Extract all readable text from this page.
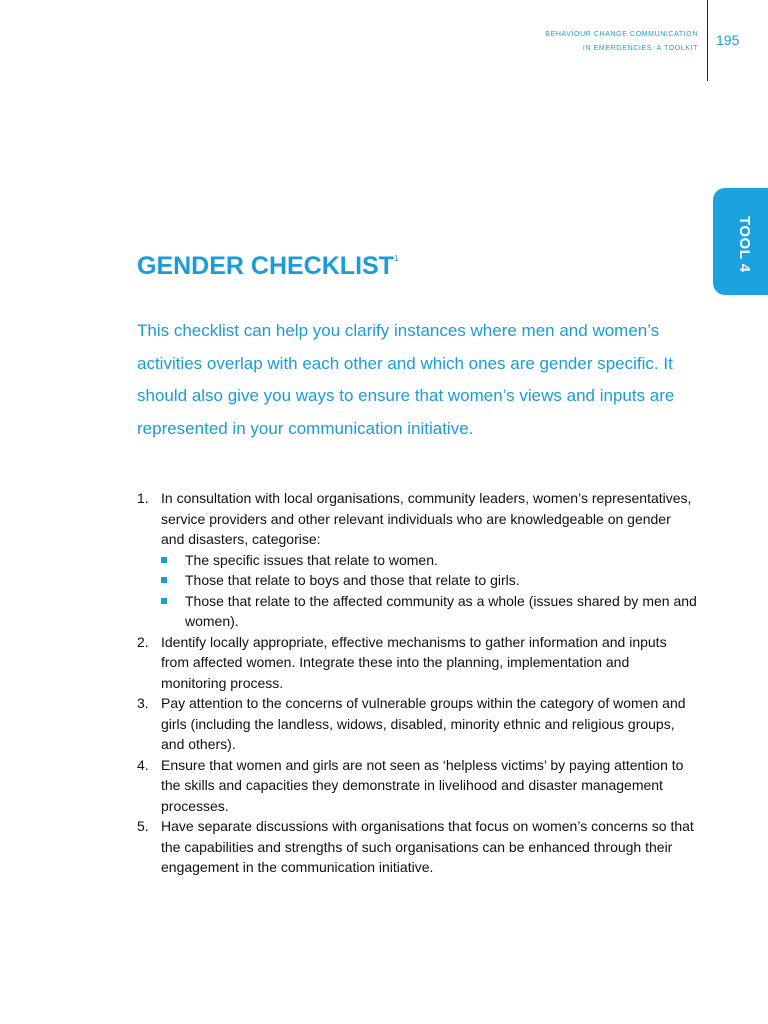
BEHAVIOUR CHANGE COMMUNICATION
IN EMERGENCIES: A TOOLKIT
195
TOOL 4
GENDER CHECKLIST$^1$
This checklist can help you clarify instances where men and women’s activities overlap with each other and which ones are gender specific. It should also give you ways to ensure that women’s views and inputs are represented in your communication initiative.
1. In consultation with local organisations, community leaders, women’s representatives, service providers and other relevant individuals who are knowledgeable on gender and disasters, categorise:
The specific issues that relate to women.
Those that relate to boys and those that relate to girls.
Those that relate to the affected community as a whole (issues shared by men and women).
2. Identify locally appropriate, effective mechanisms to gather information and inputs from affected women. Integrate these into the planning, implementation and monitoring process.
3. Pay attention to the concerns of vulnerable groups within the category of women and girls (including the landless, widows, disabled, minority ethnic and religious groups, and others).
4. Ensure that women and girls are not seen as ‘helpless victims’ by paying attention to the skills and capacities they demonstrate in livelihood and disaster management processes.
5. Have separate discussions with organisations that focus on women’s concerns so that the capabilities and strengths of such organisations can be enhanced through their engagement in the communication initiative.
